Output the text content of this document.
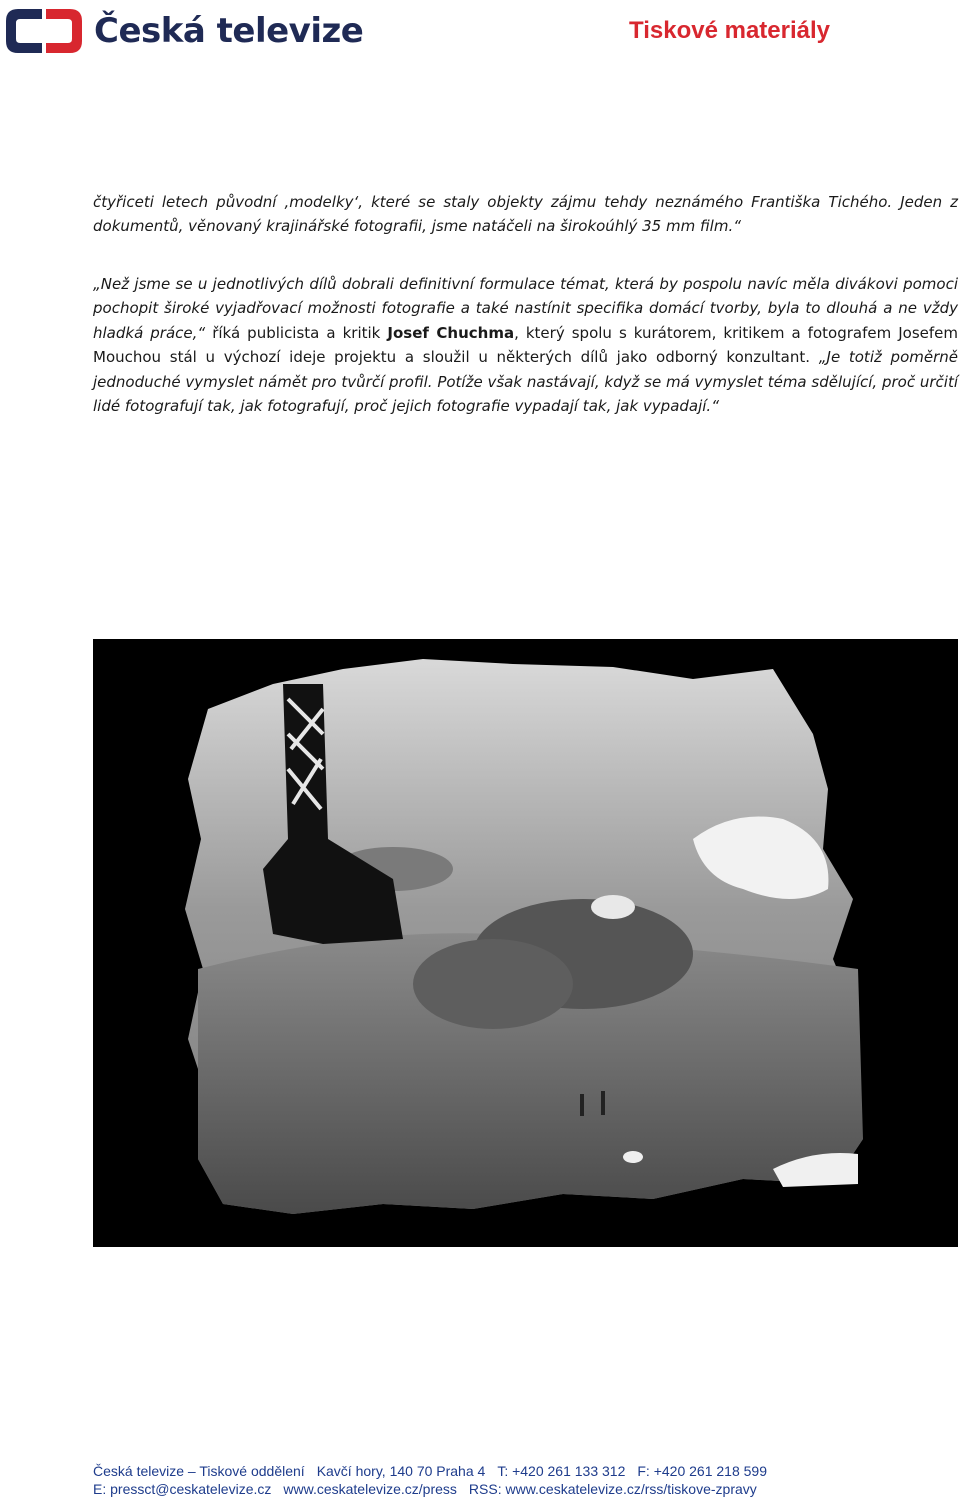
Česká televize	Tiskové materiály

čtyřiceti letech původní ‚modelky‘, které se staly objekty zájmu tehdy neznámého Františka Tichého. Jeden z dokumentů, věnovaný krajinářské fotografii, jsme natáčeli na širokoúhlý 35 mm film.“

„Než jsme se u jednotlivých dílů dobrali definitivní formulace témat, která by pospolu navíc měla divákovi pomoci pochopit široké vyjadřovací možnosti fotografie a také nastínit specifika domácí tvorby, byla to dlouhá a ne vždy hladká práce,“ říká publicista a kritik Josef Chuchma, který spolu s kurátorem, kritikem a fotografem Josefem Mouchou stál u výchozí ideje projektu a sloužil u některých dílů jako odborný konzultant. „Je totiž poměrně jednoduché vymyslet námět pro tvůrčí profil. Potíže však nastávají, když se má vymyslet téma sdělující, proč určití lidé fotografují tak, jak fotografují, proč jejich fotografie vypadají tak, jak vypadají.“

Česká televize – Tiskové oddělení Kavčí hory, 140 70 Praha 4 T: +420 261 133 312 F: +420 261 218 599
E: pressct@ceskatelevize.cz www.ceskatelevize.cz/press RSS: www.ceskatelevize.cz/rss/tiskove-zpravy
